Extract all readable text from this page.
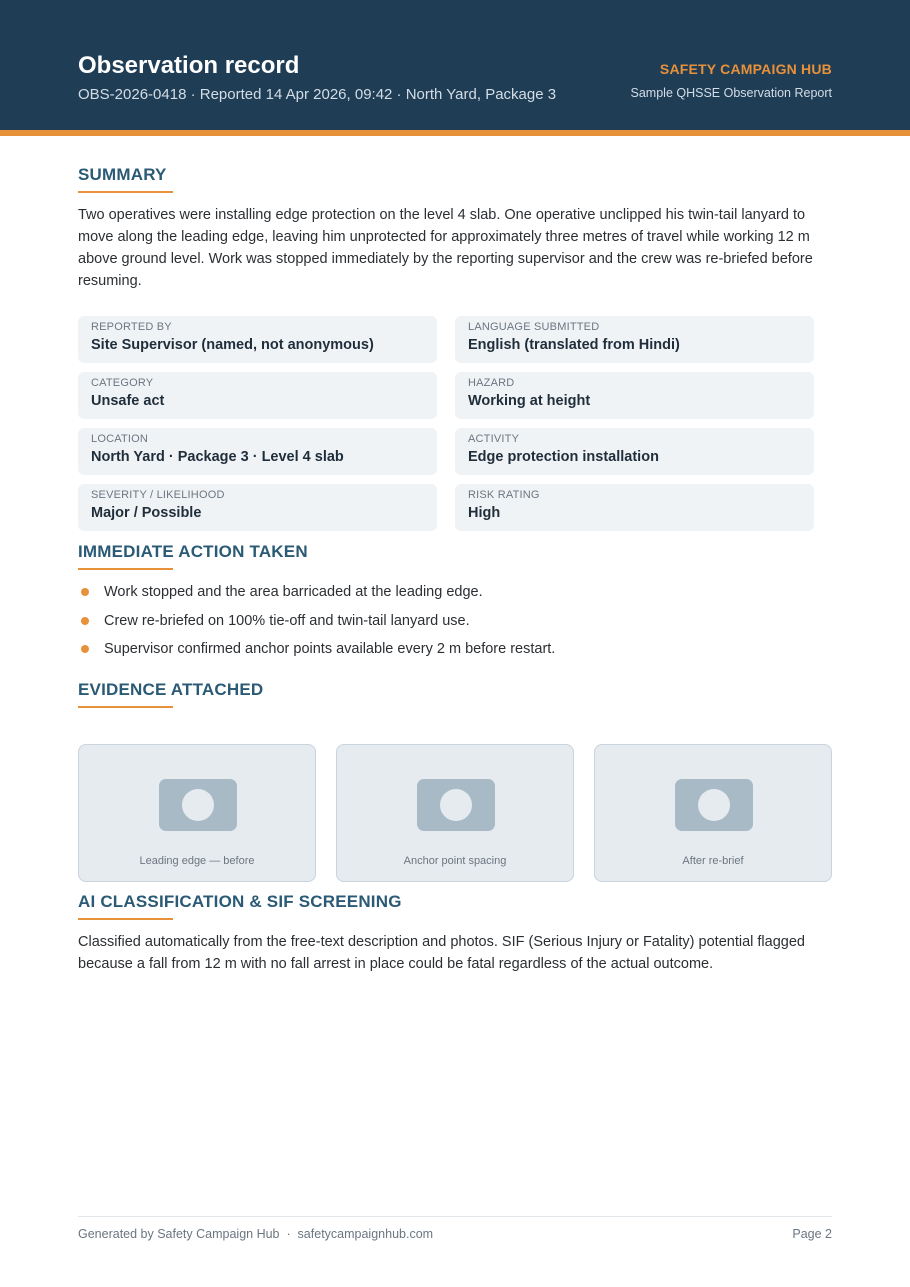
Observation record
OBS-2026-0418 · Reported 14 Apr 2026, 09:42 · North Yard, Package 3
SAFETY CAMPAIGN HUB
Sample QHSSE Observation Report
SUMMARY

Two operatives were installing edge protection on the level 4 slab. One operative unclipped his twin-tail lanyard to move along the leading edge, leaving him unprotected for approximately three metres of travel while working 12 m above ground level. Work was stopped immediately by the reporting supervisor and the crew was re-briefed before resuming.

REPORTED BY
Site Supervisor (named, not anonymous)
LANGUAGE SUBMITTED
English (translated from Hindi)
CATEGORY
Unsafe act
HAZARD
Working at height
LOCATION
North Yard · Package 3 · Level 4 slab
ACTIVITY
Edge protection installation
SEVERITY / LIKELIHOOD
Major / Possible
RISK RATING
High
IMMEDIATE ACTION TAKEN
Work stopped and the area barricaded at the leading edge.
Crew re-briefed on 100% tie-off and twin-tail lanyard use.
Supervisor confirmed anchor points available every 2 m before restart.
EVIDENCE ATTACHED
Leading edge — before	Anchor point spacing	After re-brief
AI CLASSIFICATION & SIF SCREENING

Classified automatically from the free-text description and photos. SIF (Serious Injury or Fatality) potential flagged because a fall from 12 m with no fall arrest in place could be fatal regardless of the actual outcome.

Generated by Safety Campaign Hub  ·  safetycampaignhub.com	Page 2
